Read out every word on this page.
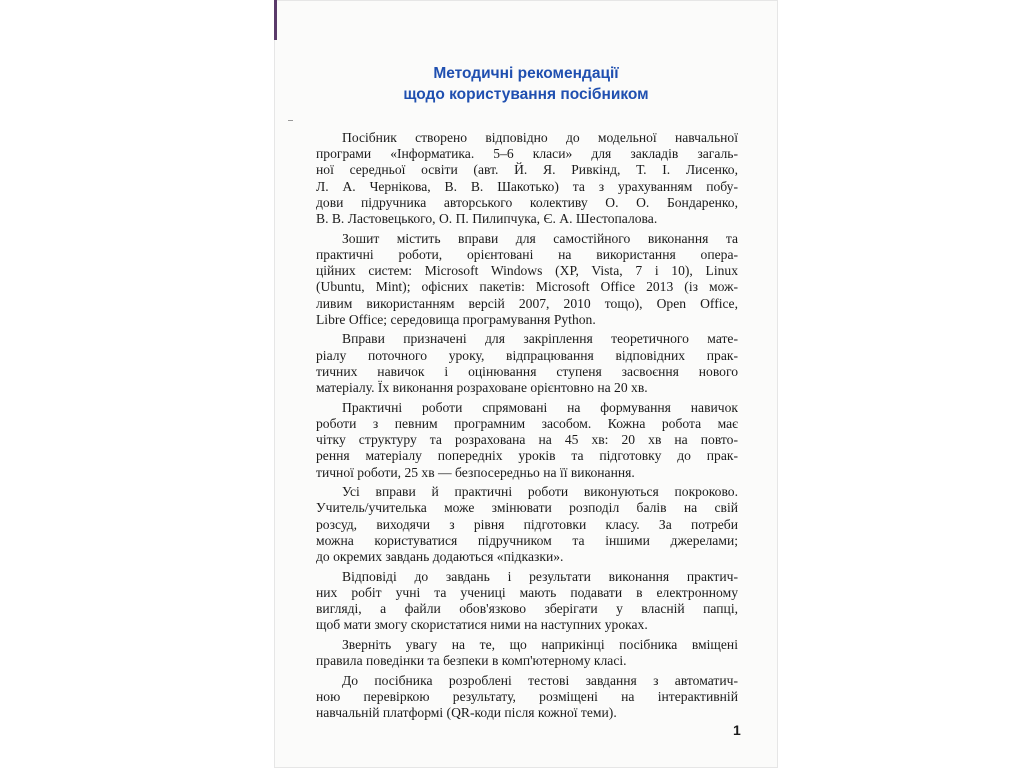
Методичні рекомендації
щодо користування посібником
Посібник створено відповідно до модельної навчальної
програми «Інформатика. 5–6 класи» для закладів загаль-
ної середньої освіти (авт. Й. Я. Ривкінд, Т. І. Лисенко,
Л. А. Чернікова, В. В. Шакотько) та з урахуванням побу-
дови підручника авторського колективу О. О. Бондаренко,
В. В. Ластовецького, О. П. Пилипчука, Є. А. Шестопалова.
Зошит містить вправи для самостійного виконання та
практичні роботи, орієнтовані на використання опера-
ційних систем: Microsoft Windows (XP, Vista, 7 і 10), Linux
(Ubuntu, Mint); офісних пакетів: Microsoft Office 2013 (із мож-
ливим використанням версій 2007, 2010 тощо), Open Office,
Libre Office; середовища програмування Python.
Вправи призначені для закріплення теоретичного мате-
ріалу поточного уроку, відпрацювання відповідних прак-
тичних навичок і оцінювання ступеня засвоєння нового
матеріалу. Їх виконання розраховане орієнтовно на 20 хв.
Практичні роботи спрямовані на формування навичок
роботи з певним програмним засобом. Кожна робота має
чітку структуру та розрахована на 45 хв: 20 хв на повто-
рення матеріалу попередніх уроків та підготовку до прак-
тичної роботи, 25 хв — безпосередньо на її виконання.
Усі вправи й практичні роботи виконуються покроково.
Учитель/учителька може змінювати розподіл балів на свій
розсуд, виходячи з рівня підготовки класу. За потреби
можна користуватися підручником та іншими джерелами;
до окремих завдань додаються «підказки».
Відповіді до завдань і результати виконання практич-
них робіт учні та учениці мають подавати в електронному
вигляді, а файли обов'язково зберігати у власній папці,
щоб мати змогу скористатися ними на наступних уроках.
Зверніть увагу на те, що наприкінці посібника вміщені
правила поведінки та безпеки в комп'ютерному класі.
До посібника розроблені тестові завдання з автоматич-
ною перевіркою результату, розміщені на інтерактивній
навчальній платформі (QR-коди після кожної теми).
1
